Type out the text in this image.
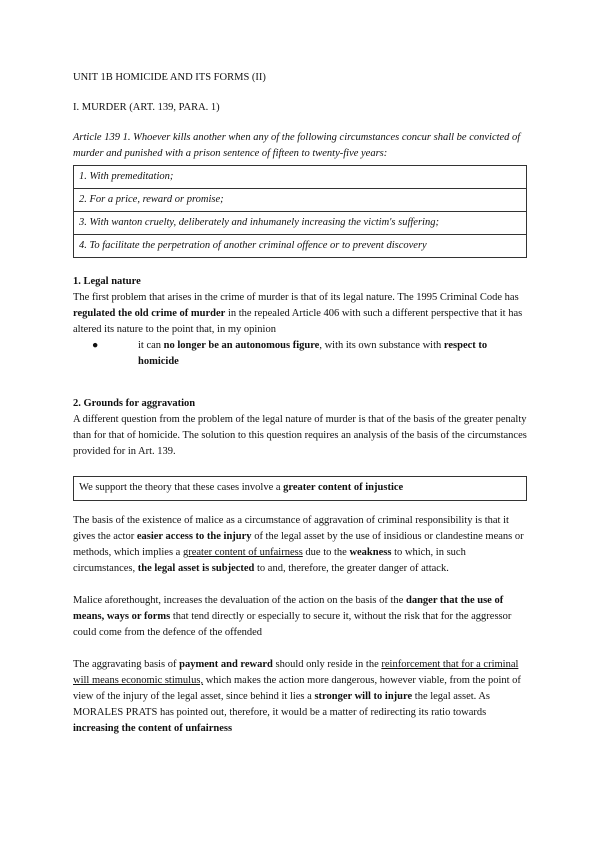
UNIT 1B HOMICIDE AND ITS FORMS (II)

I. MURDER (ART. 139, PARA. 1)

Article 139 1. Whoever kills another when any of the following circumstances concur shall be convicted of murder and punished with a prison sentence of fifteen to twenty-five years:

1. With premeditation;
2. For a price, reward or promise;
3. With wanton cruelty, deliberately and inhumanely increasing the victim's suffering;
4. To facilitate the perpetration of another criminal offence or to prevent discovery

1. Legal nature

The first problem that arises in the crime of murder is that of its legal nature. The 1995 Criminal Code has regulated the old crime of murder in the repealed Article 406 with such a different perspective that it has altered its nature to the point that, in my opinion

●	it can no longer be an autonomous figure, with its own substance with respect to homicide

2. Grounds for aggravation

A different question from the problem of the legal nature of murder is that of the basis of the greater penalty than for that of homicide. The solution to this question requires an analysis of the basis of the circumstances provided for in Art. 139.

We support the theory that these cases involve a greater content of injustice

The basis of the existence of malice as a circumstance of aggravation of criminal responsibility is that it gives the actor easier access to the injury of the legal asset by the use of insidious or clandestine means or methods, which implies a greater content of unfairness due to the weakness to which, in such circumstances, the legal asset is subjected to and, therefore, the greater danger of attack.

Malice aforethought, increases the devaluation of the action on the basis of the danger that the use of means, ways or forms that tend directly or especially to secure it, without the risk that for the aggressor could come from the defence of the offended

The aggravating basis of payment and reward should only reside in the reinforcement that for a criminal will means economic stimulus, which makes the action more dangerous, however viable, from the point of view of the injury of the legal asset, since behind it lies a stronger will to injure the legal asset. As MORALES PRATS has pointed out, therefore, it would be a matter of redirecting its ratio towards increasing the content of unfairness
